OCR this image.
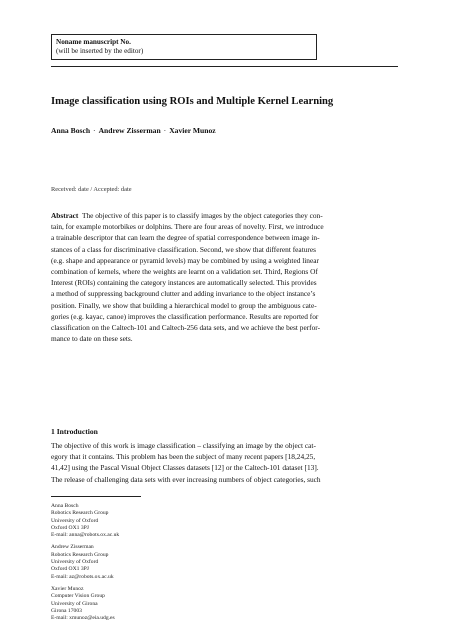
Noname manuscript No.
(will be inserted by the editor)
Image classification using ROIs and Multiple Kernel Learning
Anna Bosch · Andrew Zisserman · Xavier Munoz
Received: date / Accepted: date
Abstract The objective of this paper is to classify images by the object categories they con-
tain, for example motorbikes or dolphins. There are four areas of novelty. First, we introduce
a trainable descriptor that can learn the degree of spatial correspondence between image in-
stances of a class for discriminative classification. Second, we show that different features
(e.g. shape and appearance or pyramid levels) may be combined by using a weighted linear
combination of kernels, where the weights are learnt on a validation set. Third, Regions Of
Interest (ROIs) containing the category instances are automatically selected. This provides
a method of suppressing background clutter and adding invariance to the object instance’s
position. Finally, we show that building a hierarchical model to group the ambiguous cate-
gories (e.g. kayac, canoe) improves the classification performance. Results are reported for
classification on the Caltech-101 and Caltech-256 data sets, and we achieve the best perfor-
mance to date on these sets.
1 Introduction
The objective of this work is image classification – classifying an image by the object cat-
egory that it contains. This problem has been the subject of many recent papers [18,24,25,
41,42] using the Pascal Visual Object Classes datasets [12] or the Caltech-101 dataset [13].
The release of challenging data sets with ever increasing numbers of object categories, such
Anna Bosch
Robotics Research Group
University of Oxford
Oxford OX1 3PJ
E-mail: anna@robots.ox.ac.uk
Andrew Zisserman
Robotics Research Group
University of Oxford
Oxford OX1 3PJ
E-mail: az@robots.ox.ac.uk
Xavier Munoz
Computer Vision Group
University of Girona
Girona 17003
E-mail: xmunoz@eia.udg.es
